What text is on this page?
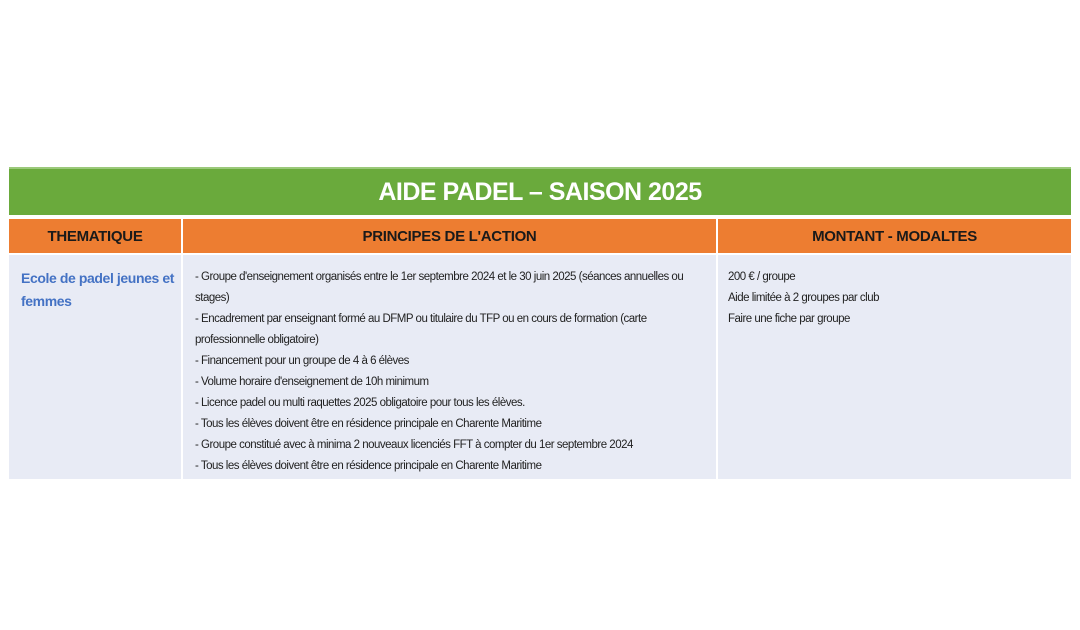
AIDE PADEL – SAISON 2025
THEMATIQUE	PRINCIPES DE L'ACTION	MONTANT - MODALTES
Ecole de padel jeunes et femmes
- Groupe d'enseignement organisés entre le 1er septembre 2024 et le 30 juin 2025 (séances annuelles ou stages)
- Encadrement par enseignant formé au DFMP ou titulaire du TFP ou en cours de formation (carte professionnelle obligatoire)
- Financement pour un groupe de 4 à 6 élèves
- Volume horaire d'enseignement de 10h minimum
- Licence padel ou multi raquettes 2025 obligatoire pour tous les élèves.
- Tous les élèves doivent être en résidence principale en Charente Maritime
- Groupe constitué avec à minima 2 nouveaux licenciés FFT à compter du 1er septembre 2024
- Tous les élèves doivent être en résidence principale en Charente Maritime
200 € / groupe
Aide limitée à 2 groupes par club
Faire une fiche par groupe
